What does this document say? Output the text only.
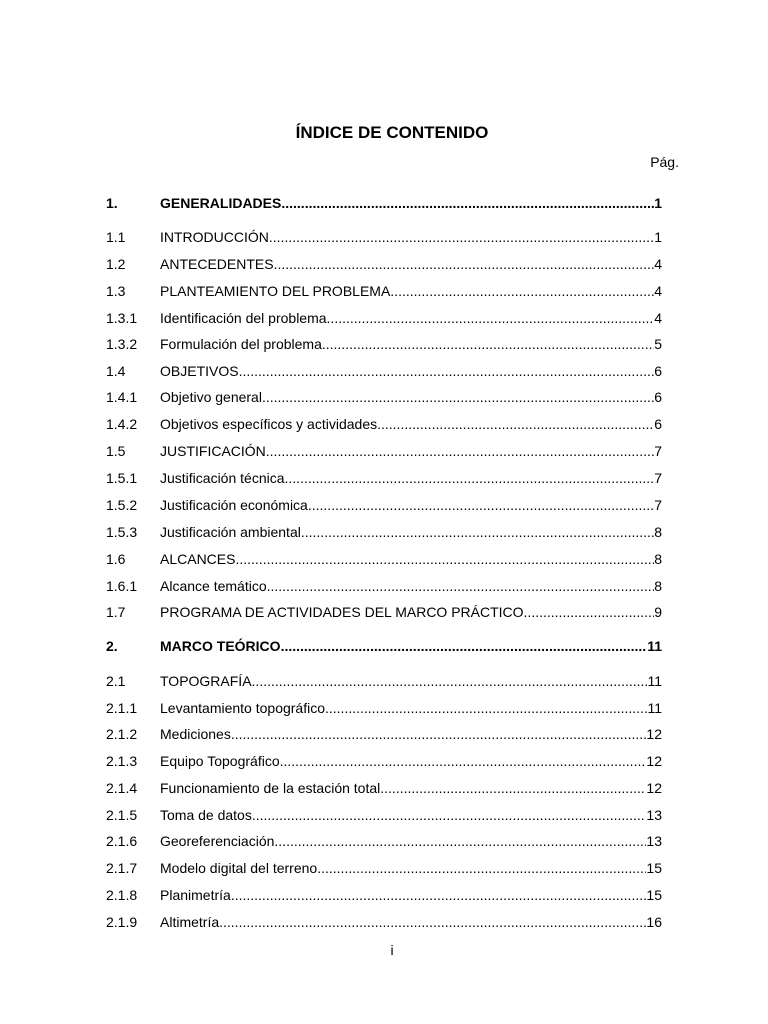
ÍNDICE DE CONTENIDO
Pág.
1.	GENERALIDADES .....	1
1.1	INTRODUCCIÓN .....	1
1.2	ANTECEDENTES .....	4
1.3	PLANTEAMIENTO DEL PROBLEMA .....	4
1.3.1	Identificación del problema .....	4
1.3.2	Formulación del problema .....	5
1.4	OBJETIVOS .....	6
1.4.1	Objetivo general .....	6
1.4.2	Objetivos específicos y actividades .....	6
1.5	JUSTIFICACIÓN .....	7
1.5.1	Justificación técnica .....	7
1.5.2	Justificación económica .....	7
1.5.3	Justificación ambiental .....	8
1.6	ALCANCES .....	8
1.6.1	Alcance temático .....	8
1.7	PROGRAMA DE ACTIVIDADES DEL MARCO PRÁCTICO .....	9
2.	MARCO TEÓRICO .....	11
2.1	TOPOGRAFÍA .....	11
2.1.1	Levantamiento topográfico .....	11
2.1.2	Mediciones .....	12
2.1.3	Equipo Topográfico .....	12
2.1.4	Funcionamiento de la estación total .....	12
2.1.5	Toma de datos .....	13
2.1.6	Georeferenciación .....	13
2.1.7	Modelo digital del terreno .....	15
2.1.8	Planimetría .....	15
2.1.9	Altimetría .....	16
i
